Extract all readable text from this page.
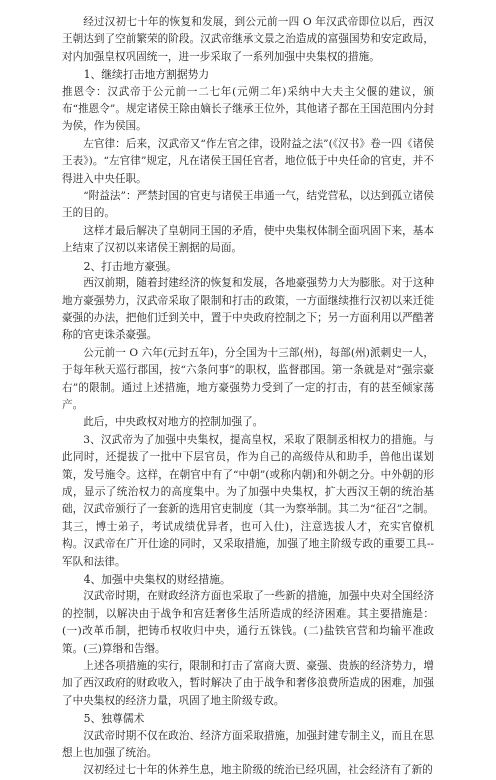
经过汉初七十年的恢复和发展，到公元前一四 O 年汉武帝即位以后，西汉王朝达到了空前繁荣的阶段。汉武帝继承文景之治造成的富强国势和安定政局，对内加强皇权巩固统一，进一步采取了一系列加强中央集权的措施。

1、继续打击地方割据势力

推恩令：汉武帝于公元前一二七年(元朔二年)采纳中大夫主父偃的建议，颁布“推恩令”。规定诸侯王除由嫡长子继承王位外，其他诸子都在王国范围内分封为侯，作为侯国。

左官律：后来，汉武帝又“作左官之律，设附益之法”(《汉书》卷一四《诸侯王表》)。“左官律”规定，凡在诸侯王国任官者，地位低于中央任命的官吏，并不得进入中央任职。

“附益法”：严禁封国的官吏与诸侯王串通一气，结党营私，以达到孤立诸侯王的目的。

这样才最后解决了皇朝同王国的矛盾，使中央集权体制全面巩固下来，基本上结束了汉初以来诸侯王割据的局面。

2、打击地方豪强。

西汉前期，随着封建经济的恢复和发展，各地豪强势力大为膨胀。对于这种地方豪强势力，汉武帝采取了限制和打击的政策，一方面继续推行汉初以来迁徙豪强的办法，把他们迁到关中，置于中央政府控制之下；另一方面利用以严酷著称的官吏诛杀豪强。

公元前一 O 六年(元封五年)，分全国为十三部(州)，每部(州)派刺史一人，于每年秋天巡行郡国，按“六条问事”的职权，监督郡国。第一条就是对“强宗豪右”的限制。通过上述措施，地方豪强势力受到了一定的打击，有的甚至倾家荡产。

此后，中央政权对地方的控制加强了。

3、汉武帝为了加强中央集权，提高皇权，采取了限制丞相权力的措施。与此同时，还提拔了一批中下层官员，作为自己的高级侍从和助手，兽他出谋划策，发号施令。这样，在朝官中有了“中朝”(或称内朝)和外朝之分。中外朝的形成，显示了统治权力的高度集中。为了加强中央集权，扩大西汉王朝的统治基础，汉武帝颁行了一套新的选用官吏制度（其一为察举制。其二为“征召”之制。其三，博士弟子，考试成绩优异者，也可入仕)，注意选拔人才，充实官僚机构。汉武帝在广开仕途的同时，又采取措施，加强了地主阶级专政的重要工具--军队和法律。

4、加强中央集权的财经措施。

汉武帝时期，在财政经济方面也采取了一些新的措施，加强中央对全国经济的控制，以解决由于战争和宫廷奢侈生活所造成的经济困难。其主要措施是：(一)改革币制，把铸币权收归中央，通行五铢钱。(二)盐铁官营和均输平准政策。(三)算缗和告缗。

上述各项措施的实行，限制和打击了富商大贾、豪强、贵族的经济势力，增加了西汉政府的财政收入，暂时解决了由于战争和奢侈浪费所造成的困难，加强了中央集权的经济力量，巩固了地主阶级专政。

5、独尊儒术

汉武帝时期不仅在政治、经济方面采取措施，加强封建专制主义，而且在思想上也加强了统治。

汉初经过七十年的休养生息，地主阶级的统治已经巩固，社会经济有了新的
